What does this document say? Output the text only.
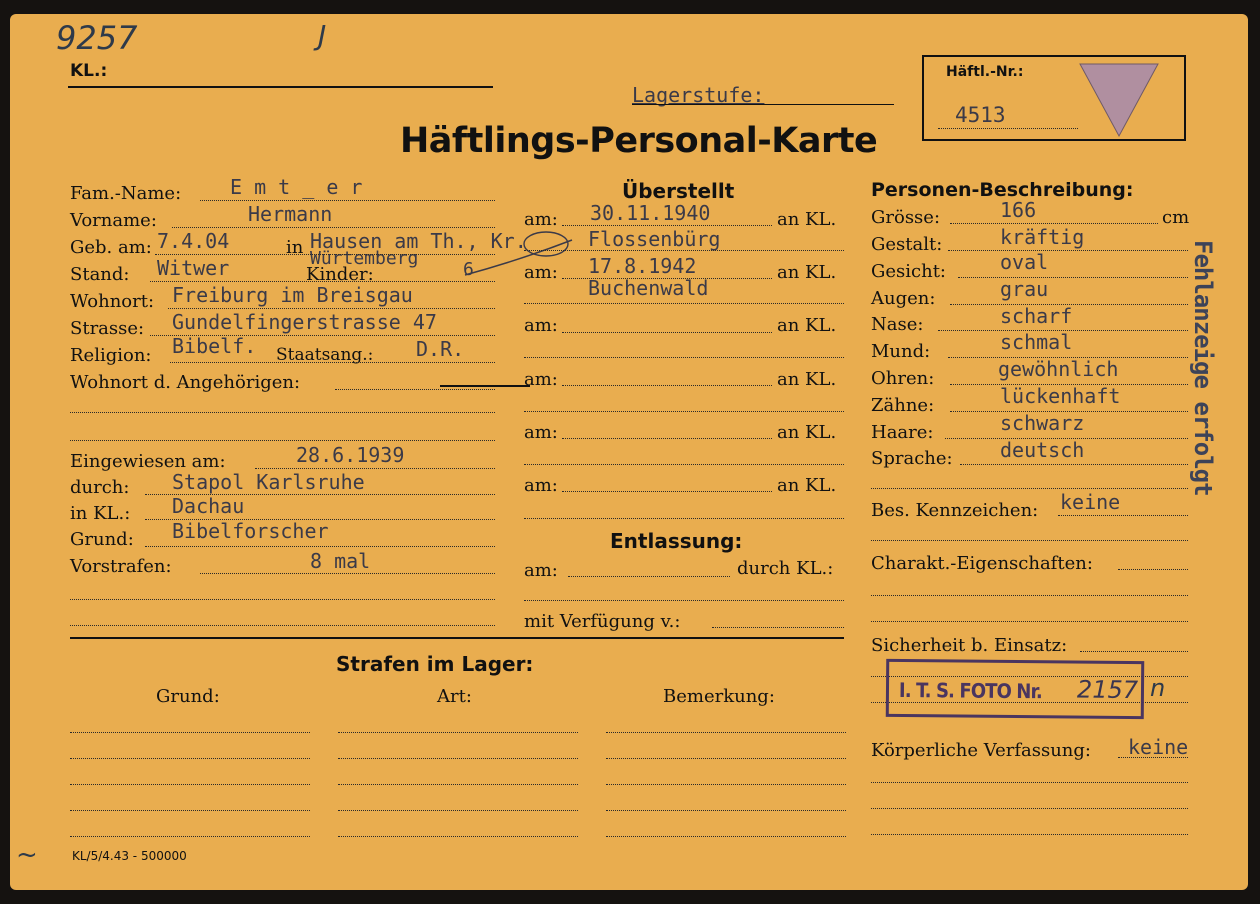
9257	J
KL.:
Lagerstufe:
Häftlings-Personal-Karte
Häftl.-Nr.:
4513
Fam.-Name: E m t _ e r
Vorname:	Hermann
Geb. am: 7.4.04	in Hausen am Th., Kr.
Würtemberg
Stand: Witwer	Kinder:	6
Wohnort: Freiburg im Breisgau
Strasse: Gundelfingerstrasse 47
Religion: Bibelf. Staatsang.: D.R.
Wohnort d. Angehörigen:
Eingewiesen am:	28.6.1939
durch: Stapol Karlsruhe
in KL.: Dachau
Grund: Bibelforscher
Vorstrafen:	8 mal
Überstellt
am: 30.11.1940	an KL.
Flossenbürg
am: 17.8.1942	an KL.
Buchenwald
am:	an KL.
am:	an KL.
am:	an KL.
am:	an KL.
Entlassung:
am:	durch KL.:
mit Verfügung v.:
Personen-Beschreibung:
Grösse:	166	cm
Gestalt:	kräftig
Gesicht:	oval
Augen:	grau
Nase:	scharf
Mund:	schmal
Ohren:	gewöhnlich
Zähne:	lückenhaft
Haare:	schwarz
Sprache: deutsch
Bes. Kennzeichen: keine
Charakt.-Eigenschaften:
Sicherheit b. Einsatz:
I. T. S. FOTO Nr. 2157 n
Körperliche Verfassung: keine
Fehlanzeige erfolgt
Strafen im Lager:
Grund:	Art:	Bemerkung:
~	KL/5/4.43 - 500000
